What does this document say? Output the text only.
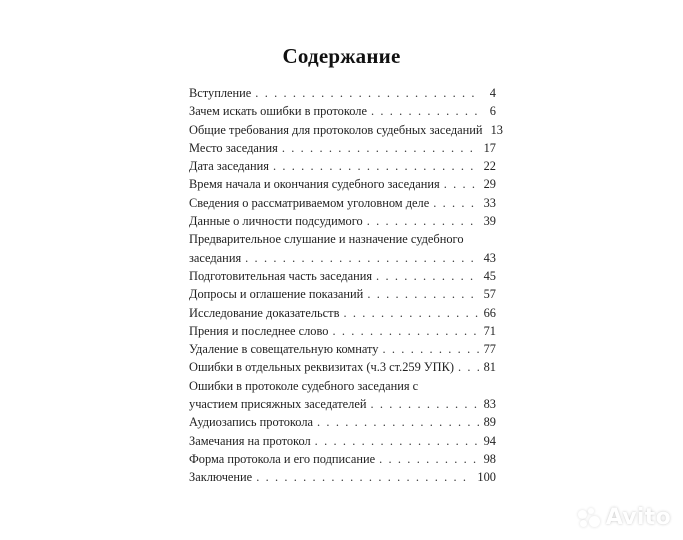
Содержание
Вступление . . .	4
Зачем искать ошибки в протоколе . . .	6
Общие требования для протоколов судебных заседаний 13
Место заседания . . .	17
Дата заседания . . .	22
Время начала и окончания судебного заседания . . .	29
Сведения о рассматриваемом уголовном деле . . .	33
Данные о личности подсудимого . . .	39
Предварительное слушание и назначение судебного
заседания . . .	43
Подготовительная часть заседания . . .	45
Допросы и оглашение показаний . . .	57
Исследование доказательств . . .	66
Прения и последнее слово . . .	71
Удаление в совещательную комнату . . .	77
Ошибки в отдельных реквизитах (ч.3 ст.259 УПК) . . . 81
Ошибки в протоколе судебного заседания с
участием присяжных заседателей . . .	83
Аудиозапись протокола . . .	89
Замечания на протокол . . .	94
Форма протокола и его подписание . . .	98
Заключение . . .	100
Avito
